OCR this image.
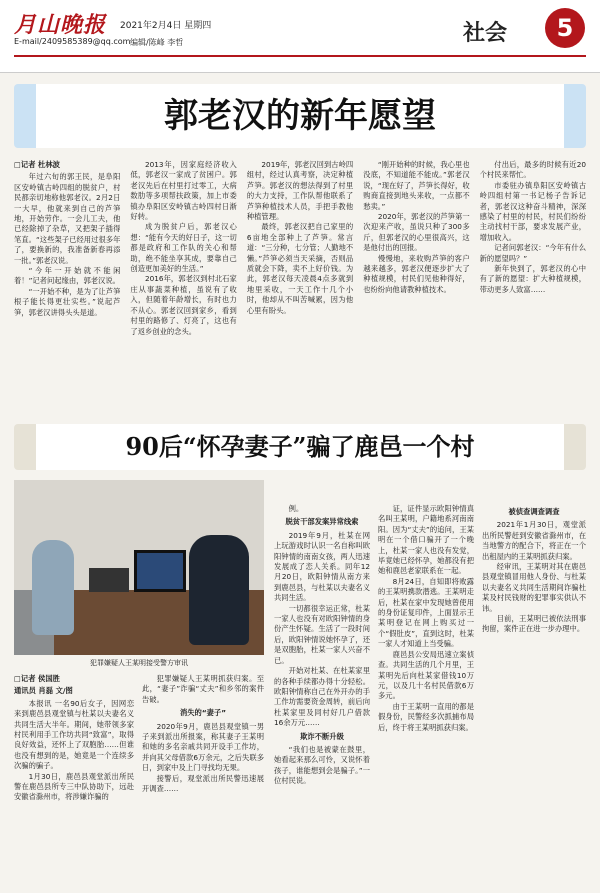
月山晚报 2021年2月4日 星期四
E-mail/2409585389@qq.com 编辑/陈峰 李哲	社会	5
郭老汉的新年愿望

□记者 杜林波

年过六旬的郭王民，是阜阳区安岭镇古岭四组的脱贫户，村民都亲切地称他郭老汉。2月2日一大早，他就来到自己的芦笋地，开始劳作。一会儿工夫，他已经除掉了杂草，又把架子插得笔直。“这些架子已经用过很多年了，要换新的，我准备新春再添一批。”郭老汉说。

“今年一开始就不能闲着！”记者问起缘由，郭老汉说。

“一开始不种，是为了让芦笋根子能长得更壮实些。”说起芦笋，郭老汉讲得头头是道。

2013年，因家庭经济收入低，郭老汉一家成了贫困户。郭老汉先后在村里打过零工，大病数肋等多项帮扶政策，加上市委镇办阜阳区安岭镇古岭四村日渐好转。

成为脱贫户后，郭老汉心想：“能有今天的好日子，这一切都是政府和工作队的关心和帮助，绝不能坐享其成，要靠自己创造更加美好的生活。”

2016年，郭老汉到村北石家庄从事蔬菜种植，虽说有了收入，但随着年龄增长，有时也力不从心。郭老汉回到家乡，看到村里的路修了、灯亮了，这也有了返乡创业的念头。

2019年，郭老汉回到古岭四组村，经过认真考察，决定种植芦笋。郭老汉的想法得到了村里的大力支持，工作队帮他联系了芦笋种植技术人员，手把手教他种植管理。

最终，郭老汉把自己家里的6亩地全部种上了芦笋。常言道：“三分种，七分管；人勤地不懒。”芦笋必须当天采摘，否则品质就会下降，卖不上好价钱。为此，郭老汉每天凌晨4点多就到地里采收，一天工作十几个小时，他却从不叫苦喊累，因为他心里有盼头。

“刚开始种的时候，我心里也没底，不知道能不能成。”郭老汉说，“现在好了，芦笋长得好，收购商直接到地头来收，一点都不愁卖。”

2020年，郭老汉的芦笋第一次迎来产收，虽说只种了300多斤，但郭老汉的心里很高兴，这是他付出的回报。

慢慢地，来收购芦笋的客户越来越多，郭老汉便逐步扩大了种植规模，村民们见他种得好，也纷纷向他请教种植技术。

付出后，最多的时候有近20个村民来帮忙。

市委驻办镇阜阳区安岭镇古岭四组村第一书记杨子告诉记者，郭老汉这种奋斗精神，深深感染了村里的村民，村民们纷纷主动找村干部，要求发展产业，增加收入。

记者问郭老汉：“今年有什么新的愿望吗？”

新年快到了，郭老汉的心中有了新的愿望：扩大种植规模，带动更多人致富……

90后“怀孕妻子”骗了鹿邑一个村
犯罪嫌疑人王某明接受警方审讯

□记者 侯国胜

通讯员 肖磊 文/图

本报讯 一名90后女子，因网恋来到鹿邑县观堂镇与杜某以夫妻名义共同生活大半年。期间，她带领多家村民利用手工作坊共同“致富”，取得良好效益，还怀上了双胞胎……但谁也没有想到的是，她竟是一个连续多次骗的骗子。

1月30日，鹿邑县观堂派出所民警在鹿邑县所专三中队协助下，远赴安徽省滁州市，将涉嫌诈骗的

犯罪嫌疑人王某明抓获归案。至此，“妻子”诈骗“丈夫”和乡邻的案件告破。

消失的“妻子”

2020年9月，鹿邑县观堂镇一男子来到派出所报案，称其妻子王某明和她的多名亲戚共同开设手工作坊，并向其父母借款6万余元，之后失联多日，到家中及上门寻找均无果。

接警后，观堂派出所民警迅速展开调查……

例。

脱贫干部发案异常线索

2019年9月，杜某在网上玩游戏时认识一名自称叫欧阳钟情的南南女孩，两人迅速发展成了恋人关系。同年12月20日，欧阳钟情从南方来到鹿邑县，与杜某以夫妻名义共同生活。

一切都很幸运正常，杜某一家人也没有对欧阳钟情的身份产生怀疑。生活了一段时间后，欧阳钟情说她怀孕了，还是双胞胎，杜某一家人兴奋不已。

开始对杜某、在杜某家里的各种手续都办得十分轻松。欧阳钟情称自己在外开办的手工作坊需要资金周转，前后向杜某家里及同村好几户借款16余万元……

欺诈不断升级

“我们也是被蒙在鼓里，她看起来那么可怜，又说怀着孩子，谁能想到会是骗子。”一位村民说。

证，证件显示欧阳钟情真名叫王某明，户籍地系河南南阳。因为“丈夫”的追问，王某明在一个借口骗开了一个晚上，杜某一家人也没有发觉，毕竟她已经怀孕，她都没有把她和鹿邑老家联系在一起。

8月24日，自知即将败露的王某明携款潜逃。王某明走后，杜某在家中发现她曾使用的身份证复印件，上面显示王某明登记在网上购买过一个“假肚皮”，直到这时，杜某一家人才知道上当受骗。

鹿邑县公安局迅速立案侦查。共同生活的几个月里，王某明先后向杜某家借钱10万元，以及几十名村民借款6万多元。

由于王某明一直用的都是假身份，民警经多次抓捕布局后，终于将王某明抓获归案。

被侦查调查调查

2021年1月30日，观堂派出所民警赶到安徽省滁州市，在当地警方的配合下，将正在一个出租屋内的王某明抓获归案。

经审讯，王某明对其在鹿邑县观堂镇冒用他人身份、与杜某以夫妻名义共同生活期间诈骗杜某及村民钱财的犯罪事实供认不讳。

目前，王某明已被依法刑事拘留，案件正在进一步办理中。
